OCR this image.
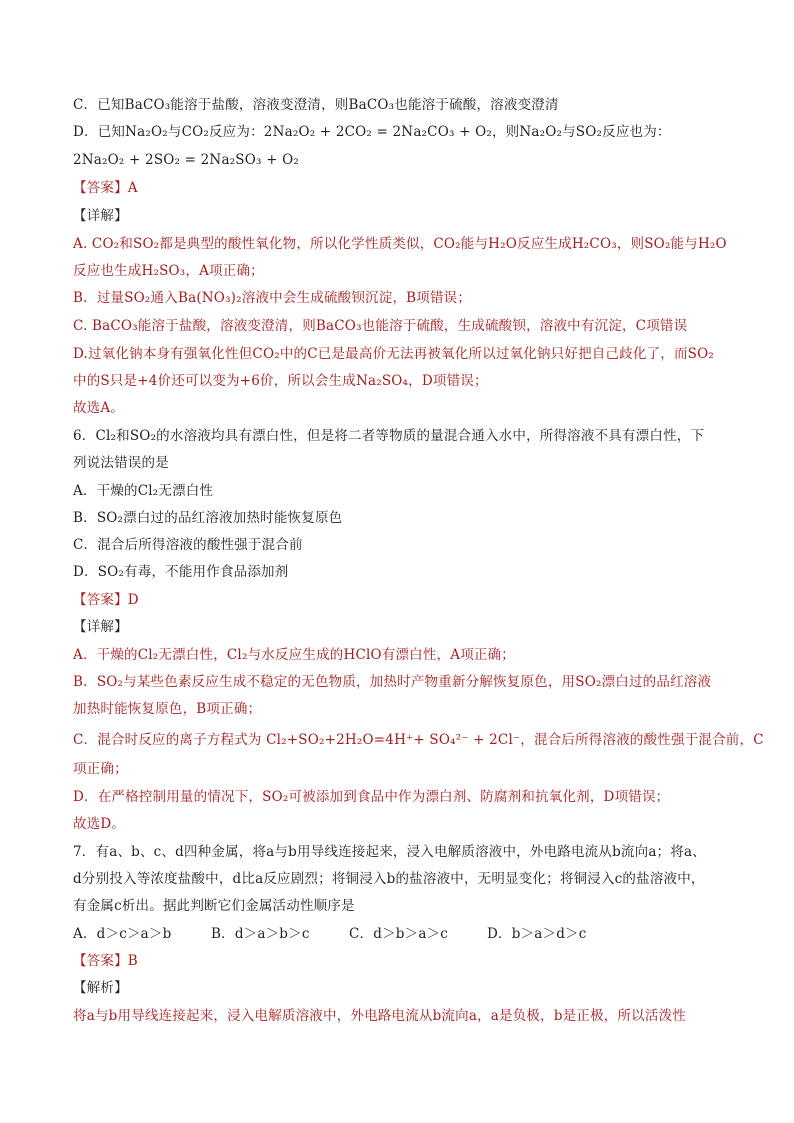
C．已知BaCO₃能溶于盐酸，溶液变澄清，则BaCO₃也能溶于硫酸，溶液变澄清
D．已知Na₂O₂与CO₂反应为：2Na₂O₂ + 2CO₂ = 2Na₂CO₃ + O₂，则Na₂O₂与SO₂反应也为：
2Na₂O₂ + 2SO₂ = 2Na₂SO₃ + O₂
【答案】A
【详解】
A. CO₂和SO₂都是典型的酸性氧化物，所以化学性质类似，CO₂能与H₂O反应生成H₂CO₃，则SO₂能与H₂O
反应也生成H₂SO₃，A项正确；
B．过量SO₂通入Ba(NO₃)₂溶液中会生成硫酸钡沉淀，B项错误；
C. BaCO₃能溶于盐酸，溶液变澄清，则BaCO₃也能溶于硫酸，生成硫酸钡，溶液中有沉淀，C项错误
D.过氧化钠本身有强氧化性但CO₂中的C已是最高价无法再被氧化所以过氧化钠只好把自己歧化了，而SO₂
中的S只是+4价还可以变为+6价，所以会生成Na₂SO₄，D项错误；
故选A。
6．Cl₂和SO₂的水溶液均具有漂白性，但是将二者等物质的量混合通入水中，所得溶液不具有漂白性，下
列说法错误的是
A．干燥的Cl₂无漂白性
B．SO₂漂白过的品红溶液加热时能恢复原色
C．混合后所得溶液的酸性强于混合前
D．SO₂有毒，不能用作食品添加剂
【答案】D
【详解】
A．干燥的Cl₂无漂白性，Cl₂与水反应生成的HClO有漂白性，A项正确；
B．SO₂与某些色素反应生成不稳定的无色物质，加热时产物重新分解恢复原色，用SO₂漂白过的品红溶液
加热时能恢复原色，B项正确；
C．混合时反应的离子方程式为 Cl₂+SO₂+2H₂O=4H⁺+ SO₄²⁻ + 2Cl⁻，混合后所得溶液的酸性强于混合前，C
项正确；
D．在严格控制用量的情况下，SO₂可被添加到食品中作为漂白剂、防腐剂和抗氧化剂，D项错误；
故选D。
7．有a、b、c、d四种金属，将a与b用导线连接起来，浸入电解质溶液中，外电路电流从b流向a；将a、
d分别投入等浓度盐酸中，d比a反应剧烈；将铜浸入b的盐溶液中，无明显变化；将铜浸入c的盐溶液中，
有金属c析出。据此判断它们金属活动性顺序是
A．d＞c＞a＞b	B．d＞a＞b＞c	C．d＞b＞a＞c	D．b＞a＞d＞c
【答案】B
【解析】
将a与b用导线连接起来，浸入电解质溶液中，外电路电流从b流向a，a是负极，b是正极，所以活泼性
